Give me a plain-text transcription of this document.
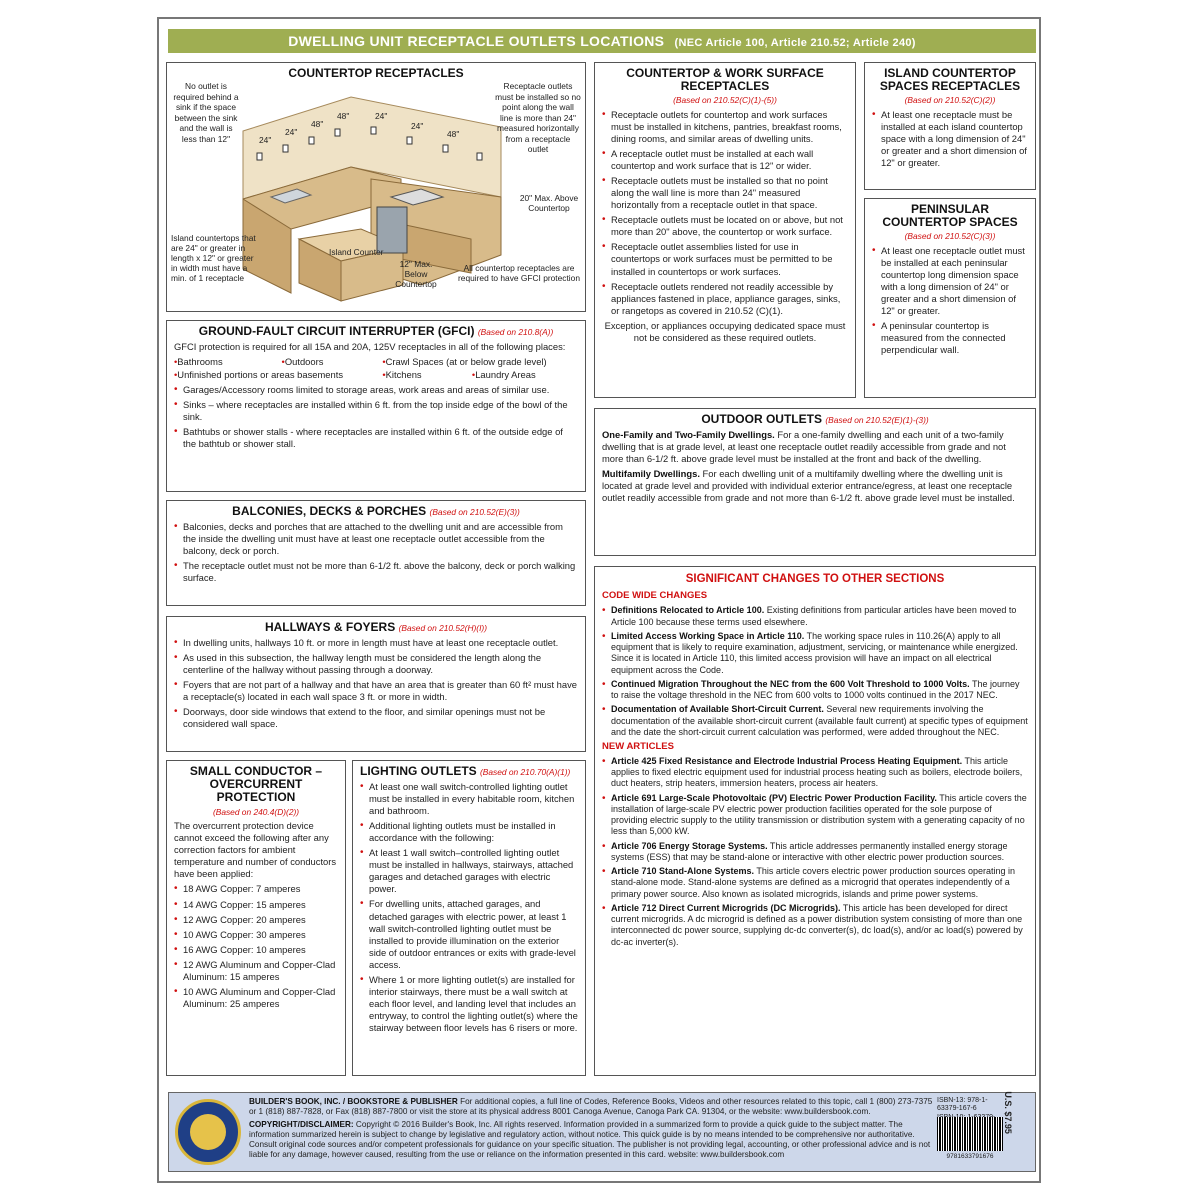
DWELLING UNIT RECEPTACLE OUTLETS LOCATIONS (NEC Article 100, Article 210.52; Article 240)
COUNTERTOP RECEPTACLES
24"
24"
48"
48"	24"
24"
48"
Island Counter
No outlet is required behind a sink if the space between the sink and the wall is less than 12"
Receptacle outlets must be installed so no point along the wall line is more than 24" measured horizontally from a receptacle outlet
20" Max. Above Countertop
Island countertops that are 24" or greater in length x 12" or greater in width must have a min. of 1 receptacle
12" Max. Below Countertop
All countertop receptacles are required to have GFCI protection
GROUND-FAULT CIRCUIT INTERRUPTER (GFCI) (Based on 210.8(A))

GFCI protection is required for all 15A and 20A, 125V receptacles in all of the following places:

• Bathrooms	• Outdoors	• Crawl Spaces (at or below grade level)
• Unfinished portions or areas basements	• Kitchens	• Laundry Areas
• Garages/Accessory rooms limited to storage areas, work areas and areas of similar use.
• Sinks – where receptacles are installed within 6 ft. from the top inside edge of the bowl of the sink.
• Bathtubs or shower stalls - where receptacles are installed within 6 ft. of the outside edge of the bathtub or shower stall.
BALCONIES, DECKS & PORCHES (Based on 210.52(E)(3))
• Balconies, decks and porches that are attached to the dwelling unit and are accessible from the inside the dwelling unit must have at least one receptacle outlet accessible from the balcony, deck or porch.
• The receptacle outlet must not be more than 6-1/2 ft. above the balcony, deck or porch walking surface.
HALLWAYS & FOYERS (Based on 210.52(H)(I))
• In dwelling units, hallways 10 ft. or more in length must have at least one receptacle outlet.
• As used in this subsection, the hallway length must be considered the length along the centerline of the hallway without passing through a doorway.
• Foyers that are not part of a hallway and that have an area that is greater than 60 ft² must have a receptacle(s) located in each wall space 3 ft. or more in width.
• Doorways, door side windows that extend to the floor, and similar openings must not be considered wall space.
SMALL CONDUCTOR – OVERCURRENT PROTECTION
(Based on 240.4(D)(2))

The overcurrent protection device cannot exceed the following after any correction factors for ambient temperature and number of conductors have been applied:

• 18 AWG Copper: 7 amperes
• 14 AWG Copper: 15 amperes
• 12 AWG Copper: 20 amperes
• 10 AWG Copper: 30 amperes
• 16 AWG Copper: 10 amperes
• 12 AWG Aluminum and Copper-Clad Aluminum: 15 amperes
• 10 AWG Aluminum and Copper-Clad Aluminum: 25 amperes
LIGHTING OUTLETS (Based on 210.70(A)(1))
• At least one wall switch-controlled lighting outlet must be installed in every habitable room, kitchen and bathroom.
• Additional lighting outlets must be installed in accordance with the following:
• At least 1 wall switch–controlled lighting outlet must be installed in hallways, stairways, attached garages and detached garages with electric power.
• For dwelling units, attached garages, and detached garages with electric power, at least 1 wall switch-controlled lighting outlet must be installed to provide illumination on the exterior side of outdoor entrances or exits with grade-level access.
• Where 1 or more lighting outlet(s) are installed for interior stairways, there must be a wall switch at each floor level, and landing level that includes an entryway, to control the lighting outlet(s) where the stairway between floor levels has 6 risers or more.
COUNTERTOP & WORK SURFACE RECEPTACLES
(Based on 210.52(C)(1)-(5))
• Receptacle outlets for countertop and work surfaces must be installed in kitchens, pantries, breakfast rooms, dining rooms, and similar areas of dwelling units.
• A receptacle outlet must be installed at each wall countertop and work surface that is 12" or wider.
• Receptacle outlets must be installed so that no point along the wall line is more than 24" measured horizontally from a receptacle outlet in that space.
• Receptacle outlets must be located on or above, but not more than 20" above, the countertop or work surface.
• Receptacle outlet assemblies listed for use in countertops or work surfaces must be permitted to be installed in countertops or work surfaces.
• Receptacle outlets rendered not readily accessible by appliances fastened in place, appliance garages, sinks, or rangetops as covered in 210.52 (C)(1).

Exception, or appliances occupying dedicated space must not be considered as these required outlets.

ISLAND COUNTERTOP SPACES RECEPTACLES
(Based on 210.52(C)(2))
• At least one receptacle must be installed at each island countertop space with a long dimension of 24" or greater and a short dimension of 12" or greater.
PENINSULAR COUNTERTOP SPACES
(Based on 210.52(C)(3))
• At least one receptacle outlet must be installed at each peninsular countertop long dimension space with a long dimension of 24" or greater and a short dimension of 12" or greater.
• A peninsular countertop is measured from the connected perpendicular wall.
OUTDOOR OUTLETS (Based on 210.52(E)(1)-(3))

One-Family and Two-Family Dwellings. For a one-family dwelling and each unit of a two-family dwelling that is at grade level, at least one receptacle outlet readily accessible from grade and not more than 6-1/2 ft. above grade level must be installed at the front and back of the dwelling.

Multifamily Dwellings. For each dwelling unit of a multifamily dwelling where the dwelling unit is located at grade level and provided with individual exterior entrance/egress, at least one receptacle outlet readily accessible from grade and not more than 6-1/2 ft. above grade level must be installed.

SIGNIFICANT CHANGES TO OTHER SECTIONS
CODE WIDE CHANGES
• Definitions Relocated to Article 100. Existing definitions from particular articles have been moved to Article 100 because these terms used elsewhere.
• Limited Access Working Space in Article 110. The working space rules in 110.26(A) apply to all equipment that is likely to require examination, adjustment, servicing, or maintenance while energized. Since it is located in Article 110, this limited access provision will have an impact on all electrical equipment across the Code.
• Continued Migration Throughout the NEC from the 600 Volt Threshold to 1000 Volts. The journey to raise the voltage threshold in the NEC from 600 volts to 1000 volts continued in the 2017 NEC.
• Documentation of Available Short-Circuit Current. Several new requirements involving the documentation of the available short-circuit current (available fault current) at specific types of equipment and the date the short-circuit current calculation was performed, were added throughout the NEC.
NEW ARTICLES
• Article 425 Fixed Resistance and Electrode Industrial Process Heating Equipment. This article applies to fixed electric equipment used for industrial process heating such as boilers, electrode boilers, duct heaters, strip heaters, immersion heaters, process air heaters.
• Article 691 Large-Scale Photovoltaic (PV) Electric Power Production Facility. This article covers the installation of large-scale PV electric power production facilities operated for the sole purpose of providing electric supply to the utility transmission or distribution system with a generating capacity of no less than 5,000 kW.
• Article 706 Energy Storage Systems. This article addresses permanently installed energy storage systems (ESS) that may be stand-alone or interactive with other electric power production sources.
• Article 710 Stand-Alone Systems. This article covers electric power production sources operating in stand-alone mode. Stand-alone systems are defined as a microgrid that operates independently of a primary power source. Also known as isolated microgrids, islands and prime power systems.
• Article 712 Direct Current Microgrids (DC Microgrids). This article has been developed for direct current microgrids. A dc microgrid is defined as a power distribution system consisting of more than one interconnected dc power source, supplying dc-dc converter(s), dc load(s), and/or ac load(s) powered by dc-ac inverter(s).

BUILDER'S BOOK, INC. / BOOKSTORE & PUBLISHER For additional copies, a full line of Codes, Reference Books, Videos and other resources related to this topic, call 1 (800) 273-7375 or 1 (818) 887-7828, or Fax (818) 887-7800 or visit the store at its physical address 8001 Canoga Avenue, Canoga Park CA. 91304, or the website: www.buildersbook.com.

COPYRIGHT/DISCLAIMER: Copyright © 2016 Builder's Book, Inc. All rights reserved. Information provided in a summarized form to provide a quick guide to the subject matter. The information summarized herein is subject to change by legislative and regulatory action, without notice. This quick guide is by no means intended to be comprehensive nor authoritative. Consult original code sources and/or competent professionals for guidance on your specific situation. The publisher is not providing legal, accounting, or other professional advice and is not liable for any damage, however caused, resulting from the use or reliance on the information presented in this card. website: www.buildersbook.com

ISBN-13: 978-1-63379-167-6
9781633791676
U.S. $7.95
